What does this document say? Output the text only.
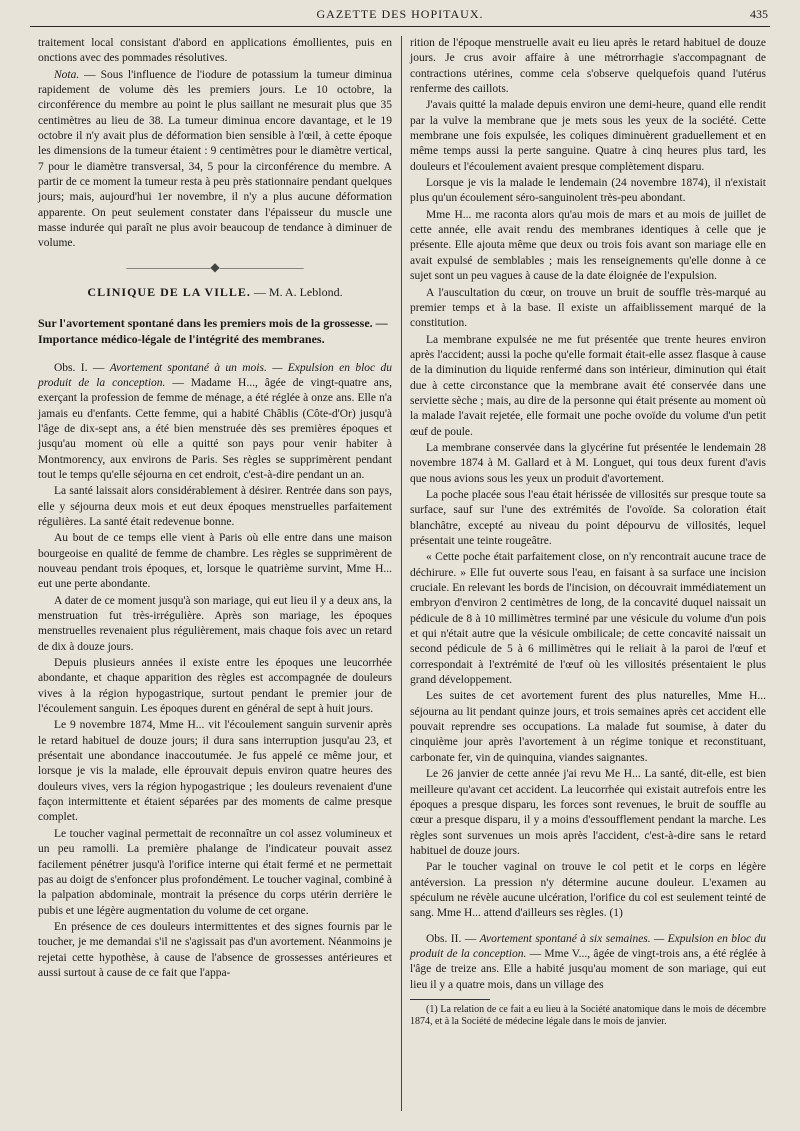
GAZETTE DES HOPITAUX.	435

traitement local consistant d'abord en applications émollientes, puis en onctions avec des pommades résolutives.

Nota. — Sous l'influence de l'iodure de potassium la tumeur diminua rapidement de volume dès les premiers jours. Le 10 octobre, la circonférence du membre au point le plus saillant ne mesurait plus que 35 centimètres au lieu de 38. La tumeur diminua encore davantage, et le 19 octobre il n'y avait plus de déformation bien sensible à l'œil, à cette époque les dimensions de la tumeur étaient : 9 centimètres pour le diamètre vertical, 7 pour le diamètre transversal, 34, 5 pour la circonférence du membre. A partir de ce moment la tumeur resta à peu près stationnaire pendant quelques jours; mais, aujourd'hui 1er novembre, il n'y a plus aucune déformation apparente. On peut seulement constater dans l'épaisseur du muscle une masse indurée qui paraît ne plus avoir beaucoup de tendance à diminuer de volume.

———————◆———————
CLINIQUE DE LA VILLE. — M. A. Leblond.
Sur l'avortement spontané dans les premiers mois de la grossesse. — Importance médico-légale de l'intégrité des membranes.

Obs. I. — Avortement spontané à un mois. — Expulsion en bloc du produit de la conception. — Madame H..., âgée de vingt-quatre ans, exerçant la profession de femme de ménage, a été réglée à onze ans. Elle n'a jamais eu d'enfants. Cette femme, qui a habité Châblis (Côte-d'Or) jusqu'à l'âge de dix-sept ans, a été bien menstruée dès ses premières époques et jusqu'au moment où elle a quitté son pays pour venir habiter à Montmorency, aux environs de Paris. Ses règles se supprimèrent pendant tout le temps qu'elle séjourna en cet endroit, c'est-à-dire pendant un an.

La santé laissait alors considérablement à désirer. Rentrée dans son pays, elle y séjourna deux mois et eut deux époques menstruelles parfaitement régulières. La santé était redevenue bonne.

Au bout de ce temps elle vient à Paris où elle entre dans une maison bourgeoise en qualité de femme de chambre. Les règles se supprimèrent de nouveau pendant trois époques, et, lorsque le quatrième survint, Mme H... eut une perte abondante.

A dater de ce moment jusqu'à son mariage, qui eut lieu il y a deux ans, la menstruation fut très-irrégulière. Après son mariage, les époques menstruelles revenaient plus régulièrement, mais chaque fois avec un retard de dix à douze jours.

Depuis plusieurs années il existe entre les époques une leucorrhée abondante, et chaque apparition des règles est accompagnée de douleurs vives à la région hypogastrique, surtout pendant le premier jour de l'écoulement sanguin. Les époques durent en général de sept à huit jours.

Le 9 novembre 1874, Mme H... vit l'écoulement sanguin survenir après le retard habituel de douze jours; il dura sans interruption jusqu'au 23, et présentait une abondance inaccoutumée. Je fus appelé ce même jour, et lorsque je vis la malade, elle éprouvait depuis environ quatre heures des douleurs vives, vers la région hypogastrique ; les douleurs revenaient d'une façon intermittente et étaient séparées par des moments de calme presque complet.

Le toucher vaginal permettait de reconnaître un col assez volumineux et un peu ramolli. La première phalange de l'indicateur pouvait assez facilement pénétrer jusqu'à l'orifice interne qui était fermé et ne permettait pas au doigt de s'enfoncer plus profondément. Le toucher vaginal, combiné à la palpation abdominale, montrait la présence du corps utérin derrière le pubis et une légère augmentation du volume de cet organe.

En présence de ces douleurs intermittentes et des signes fournis par le toucher, je me demandai s'il ne s'agissait pas d'un avortement. Néanmoins je rejetai cette hypothèse, à cause de l'absence de grossesses antérieures et aussi surtout à cause de ce fait que l'appa-

rition de l'époque menstruelle avait eu lieu après le retard habituel de douze jours. Je crus avoir affaire à une métrorrhagie s'accompagnant de contractions utérines, comme cela s'observe quelquefois quand l'utérus renferme des caillots.

J'avais quitté la malade depuis environ une demi-heure, quand elle rendit par la vulve la membrane que je mets sous les yeux de la société. Cette membrane une fois expulsée, les coliques diminuèrent graduellement et en même temps aussi la perte sanguine. Quatre à cinq heures plus tard, les douleurs et l'écoulement avaient presque complètement disparu.

Lorsque je vis la malade le lendemain (24 novembre 1874), il n'existait plus qu'un écoulement séro-sanguinolent très-peu abondant.

Mme H... me raconta alors qu'au mois de mars et au mois de juillet de cette année, elle avait rendu des membranes identiques à celle que je présente. Elle ajouta même que deux ou trois fois avant son mariage elle en avait expulsé de semblables ; mais les renseignements qu'elle donne à ce sujet sont un peu vagues à cause de la date éloignée de l'expulsion.

A l'auscultation du cœur, on trouve un bruit de souffle très-marqué au premier temps et à la base. Il existe un affaiblissement marqué de la constitution.

La membrane expulsée ne me fut présentée que trente heures environ après l'accident; aussi la poche qu'elle formait était-elle assez flasque à cause de la diminution du liquide renfermé dans son intérieur, diminution qui était due à cette circonstance que la membrane avait été conservée dans une serviette sèche ; mais, au dire de la personne qui était présente au moment où la malade l'avait rejetée, elle formait une poche ovoïde du volume d'un petit œuf de poule.

La membrane conservée dans la glycérine fut présentée le lendemain 28 novembre 1874 à M. Gallard et à M. Longuet, qui tous deux furent d'avis que nous avions sous les yeux un produit d'avortement.

La poche placée sous l'eau était hérissée de villosités sur presque toute sa surface, sauf sur l'une des extrémités de l'ovoïde. Sa coloration était blanchâtre, excepté au niveau du point dépourvu de villosités, lequel présentait une teinte rougeâtre.

« Cette poche était parfaitement close, on n'y rencontrait aucune trace de déchirure. » Elle fut ouverte sous l'eau, en faisant à sa surface une incision cruciale. En relevant les bords de l'incision, on découvrait immédiatement un embryon d'environ 2 centimètres de long, de la concavité duquel naissait un pédicule de 8 à 10 millimètres terminé par une vésicule du volume d'un pois et qui n'était autre que la vésicule ombilicale; de cette concavité naissait un second pédicule de 5 à 6 millimètres qui le reliait à la paroi de l'œuf et correspondait à l'extrémité de l'œuf où les villosités présentaient le plus grand développement.

Les suites de cet avortement furent des plus naturelles, Mme H... séjourna au lit pendant quinze jours, et trois semaines après cet accident elle pouvait reprendre ses occupations. La malade fut soumise, à dater du cinquième jour après l'avortement à un régime tonique et reconstituant, carbonate fer, vin de quinquina, viandes saignantes.

Le 26 janvier de cette année j'ai revu Me H... La santé, dit-elle, est bien meilleure qu'avant cet accident. La leucorrhée qui existait autrefois entre les époques a presque disparu, les forces sont revenues, le bruit de souffle au cœur a presque disparu, il y a moins d'essoufflement pendant la marche. Les règles sont survenues un mois après l'accident, c'est-à-dire sans le retard habituel de douze jours.

Par le toucher vaginal on trouve le col petit et le corps en légère antéversion. La pression n'y détermine aucune douleur. L'examen au spéculum ne révèle aucune ulcération, l'orifice du col est seulement teinté de sang. Mme H... attend d'ailleurs ses règles. (1)

Obs. II. — Avortement spontané à six semaines. — Expulsion en bloc du produit de la conception. — Mme V..., âgée de vingt-trois ans, a été réglée à l'âge de treize ans. Elle a habité jusqu'au moment de son mariage, qui eut lieu il y a quatre mois, dans un village des

(1) La relation de ce fait a eu lieu à la Société anatomique dans le mois de décembre 1874, et à la Société de médecine légale dans le mois de janvier.
